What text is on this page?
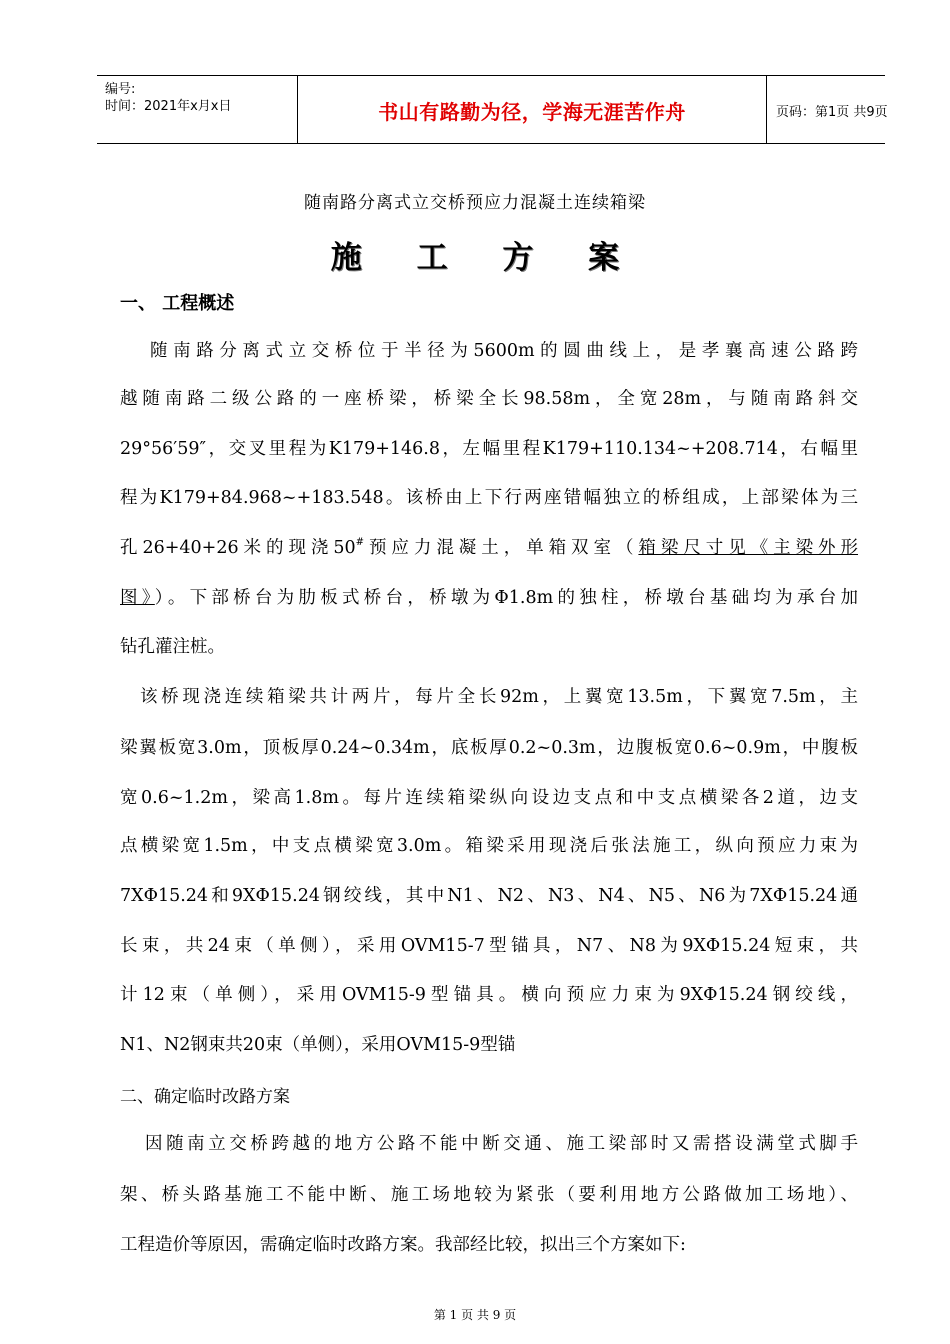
编号:
时间：2021年x月x日	书山有路勤为径，学海无涯苦作舟	页码：第1页 共9页
随南路分离式立交桥预应力混凝土连续箱梁
施 工 方 案
一、 工程概述
随南路分离式立交桥位于半径为5600m的圆曲线上，是孝襄高速公路跨
越随南路二级公路的一座桥梁，桥梁全长98.58m，全宽28m，与随南路斜交
29°56′59″，交叉里程为K179+146.8，左幅里程K179+110.134~+208.714，右幅里
程为K179+84.968~+183.548。该桥由上下行两座错幅独立的桥组成，上部梁体为三
孔26+40+26米的现浇50#预应力混凝土，单箱双室（箱梁尺寸见《主梁外形
图》）。下部桥台为肋板式桥台，桥墩为Φ1.8m的独柱，桥墩台基础均为承台加
钻孔灌注桩。
该桥现浇连续箱梁共计两片，每片全长92m，上翼宽13.5m，下翼宽7.5m，主
梁翼板宽3.0m，顶板厚0.24~0.34m，底板厚0.2~0.3m，边腹板宽0.6~0.9m，中腹板
宽0.6~1.2m，梁高1.8m。每片连续箱梁纵向设边支点和中支点横梁各2道，边支
点横梁宽1.5m，中支点横梁宽3.0m。箱梁采用现浇后张法施工，纵向预应力束为
7XΦ15.24和9XΦ15.24钢绞线，其中N1、N2、N3、N4、N5、N6为7XΦ15.24通
长束，共24束（单侧），采用OVM15-7型锚具，N7、N8为9XΦ15.24短束，共
计12束（单侧），采用OVM15-9型锚具。横向预应力束为9XΦ15.24钢绞线，
N1、N2钢束共20束（单侧），采用OVM15-9型锚
二、确定临时改路方案
因随南立交桥跨越的地方公路不能中断交通、施工梁部时又需搭设满堂式脚手
架、桥头路基施工不能中断、施工场地较为紧张（要利用地方公路做加工场地）、
工程造价等原因，需确定临时改路方案。我部经比较，拟出三个方案如下:
第 1 页 共 9 页
